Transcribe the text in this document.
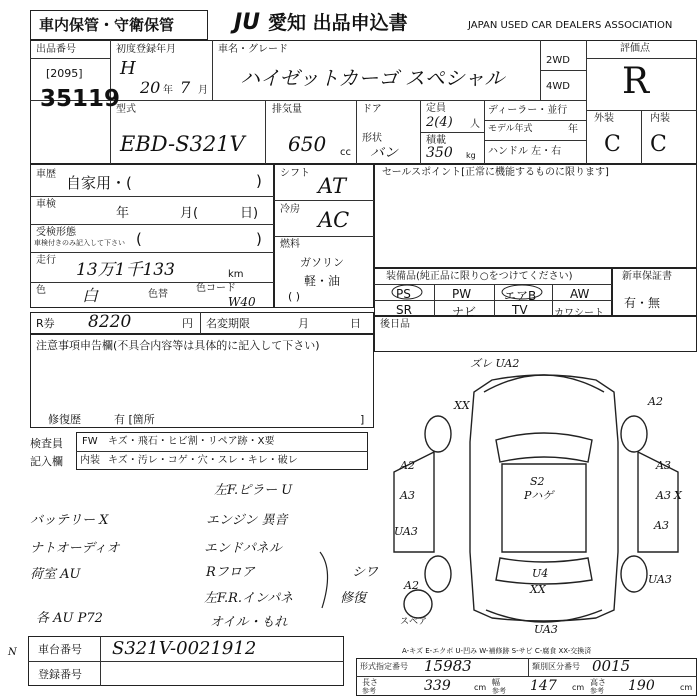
車内保管・守衛保管	JU 愛知 出品申込書	JAPAN USED CAR DEALERS ASSOCIATION
出品番号
[2095]
35119
初度登録年月
H
20 年 7 月
車名・グレード
ハイゼットカーゴ スペシャル
2WD
4WD
評価点
R
外装	内装
C C
型式
EBD-S321V
排気量
650 cc
ドア
形状
バン
定員
2(4) 人
積載
350 kg
ディーラー・並行
モデル年式	年
ハンドル 左・右
車歴 自家用・(	)
車検
年	月(	日)
受検形態
車検付きのみ記入して下さい (	)
走行 13万1千133	km
色 白	色替
色コード
W40
シフト
AT
冷房 AC
燃料
ガソリン
軽・油
( )
セールスポイント[正常に機能するものに限ります]
装備品(純正品に限り○をつけてください)
PS	PW	エアB	AW
SR	ナビ	TV	カワシート
新車保証書
有・無
R券 8220	円 名変期限	月	日 後日品
注意事項申告欄(不具合内容等は具体的に記入して下さい)
修復歴	有 [箇所	]
検査員
記入欄
FW キズ・飛石・ヒビ割・リペア跡・X要
内装 キズ・汚レ・コゲ・穴・スレ・キレ・破レ
左F.ピラー U
バッテリー X	エンジン 異音
ナトオーディオ	エンドパネル
荷室 AU	Rフロア
左F.R.インパネ
シワ
修復
各 AU P72	オイル・もれ
ズレ UA2
XX	A2
A3
A2
A3
UA3
A3
A3
X
S2
Pハゲ
U4
XX
A2	UA3
UA3
スペア
A-キズ E-エクボ U-凹み W-補修跡 S-サビ C-腐食 XX-交換済
車台番号 S321V-0021912
登録番号
N
形式指定番号 15983	類別区分番号 0015
長さ
参考	339	cm
幅
参考 147 cm
高さ
参考 190	cm
